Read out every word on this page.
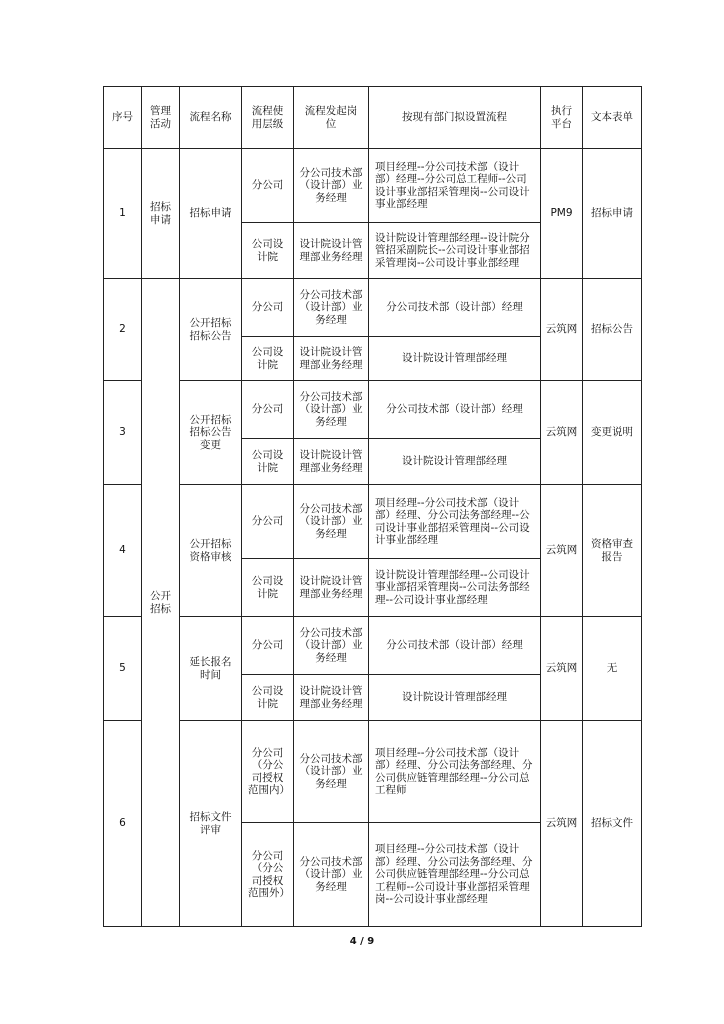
序号	管理活动	流程名称	流程使用层级	流程发起岗位	按现有部门拟设置流程	执行平台	文本表单
1	招标申请	招标申请	分公司	分公司技术部（设计部）业务经理	项目经理--分公司技术部（设计部）经理--分公司总工程师--公司设计事业部招采管理岗--公司设计事业部经理	PM9	招标申请
			公司设计院	设计院设计管理部业务经理	设计院设计管理部经理--设计院分管招采副院长--公司设计事业部招采管理岗--公司设计事业部经理		
2	公开招标	公开招标招标公告	分公司	分公司技术部（设计部）业务经理	分公司技术部（设计部）经理	云筑网	招标公告
			公司设计院	设计院设计管理部业务经理	设计院设计管理部经理		
3		公开招标招标公告变更	分公司	分公司技术部（设计部）业务经理	分公司技术部（设计部）经理	云筑网	变更说明
			公司设计院	设计院设计管理部业务经理	设计院设计管理部经理		
4		公开招标资格审核	分公司	分公司技术部（设计部）业务经理	项目经理--分公司技术部（设计部）经理、分公司法务部经理--公司设计事业部招采管理岗--公司设计事业部经理	云筑网	资格审查报告
			公司设计院	设计院设计管理部业务经理	设计院设计管理部经理--公司设计事业部招采管理岗--公司法务部经理--公司设计事业部经理		
5		延长报名时间	分公司	分公司技术部（设计部）业务经理	分公司技术部（设计部）经理	云筑网	无
			公司设计院	设计院设计管理部业务经理	设计院设计管理部经理		
6		招标文件评审	分公司（分公司授权范围内）	分公司技术部（设计部）业务经理	项目经理--分公司技术部（设计部）经理、分公司法务部经理、分公司供应链管理部经理--分公司总工程师	云筑网	招标文件
			分公司（分公司授权范围外）	分公司技术部（设计部）业务经理	项目经理--分公司技术部（设计部）经理、分公司法务部经理、分公司供应链管理部经理--分公司总工程师--公司设计事业部招采管理岗--公司设计事业部经理		
4 / 9
